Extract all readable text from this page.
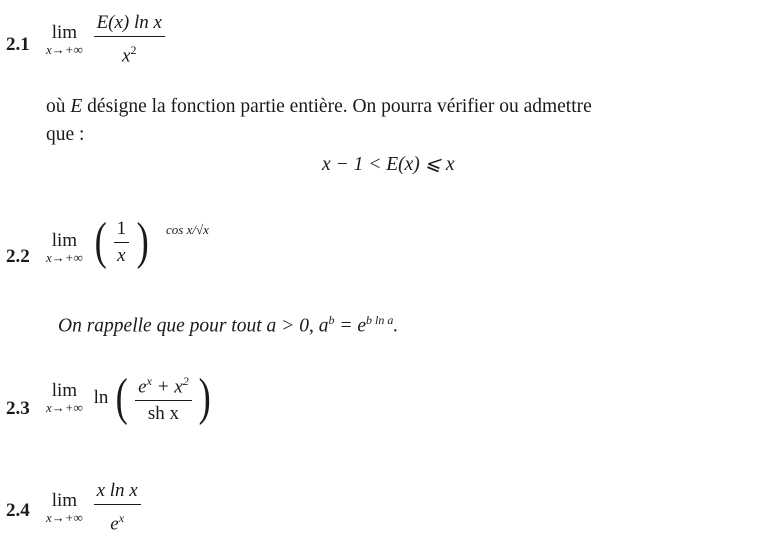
2.1
lim
x→+∞
$\frac{\text{E(x) ln x}}{x^2}$
où E désigne la fonction partie entière. On pourra vérifier ou admettre
que :
x − 1 < E(x) ⩽ x
2.2
lim
x→+∞ ( $\frac{1}{x}$ ) cos x/√x
On rappelle que pour tout a > 0, $a^b = e^{b ln a}$.
2.3
lim
x→+∞ ln ( $\frac{e^x + x^2}{\text{sh x}}$ )
2.4	lim
x→+∞
$\frac{\text{x ln x}}{e^x}$
